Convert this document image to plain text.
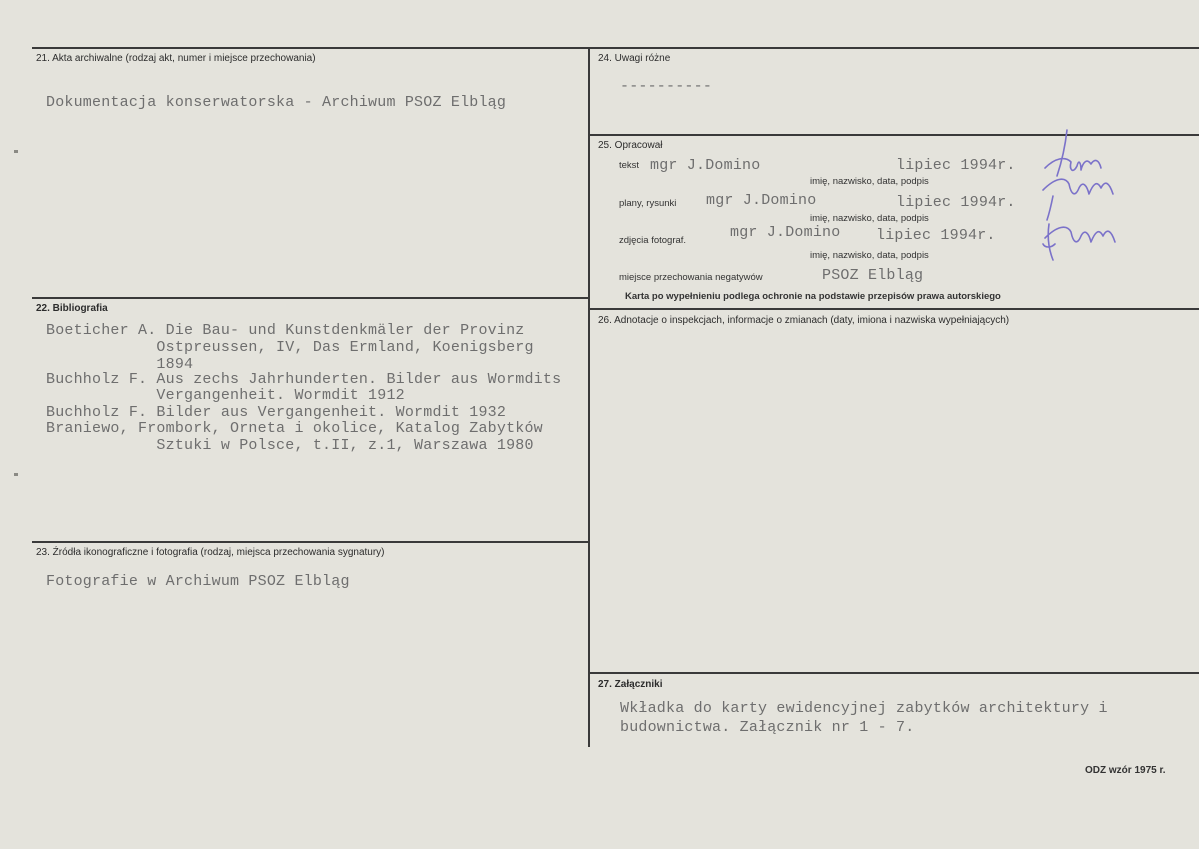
21. Akta archiwalne (rodzaj akt, numer i miejsce przechowania)
Dokumentacja konserwatorska - Archiwum PSOZ Elbląg
22. Bibliografia
Boeticher A. Die Bau- und Kunstdenkmäler der Provinz
Ostpreussen, IV, Das Ermland, Koenigsberg
1894
Buchholz F. Aus zechs Jahrhunderten. Bilder aus Wormdits
Vergangenheit. Wormdit 1912
Buchholz F. Bilder aus Vergangenheit. Wormdit 1932
Braniewo, Frombork, Orneta i okolice, Katalog Zabytków
Sztuki w Polsce, t.II, z.1, Warszawa 1980
23. Źródła ikonograficzne i fotografia (rodzaj, miejsca przechowania sygnatury)
Fotografie w Archiwum PSOZ Elbląg
24. Uwagi różne
----------
25. Opracował
tekst mgr J.Domino	lipiec 1994r.
imię, nazwisko, data, podpis
plany, rysunki mgr J.Domino	lipiec 1994r.
imię, nazwisko, data, podpis
zdjęcia fotograf.	mgr J.Domino lipiec 1994r.
imię, nazwisko, data, podpis
miejsce przechowania negatywów	PSOZ Elbląg
Karta po wypełnieniu podlega ochronie na podstawie przepisów prawa autorskiego
26. Adnotacje o inspekcjach, informacje o zmianach (daty, imiona i nazwiska wypełniających)
27. Załączniki
Wkładka do karty ewidencyjnej zabytków architektury i
budownictwa. Załącznik nr 1 - 7.
ODZ wzór 1975 r.
